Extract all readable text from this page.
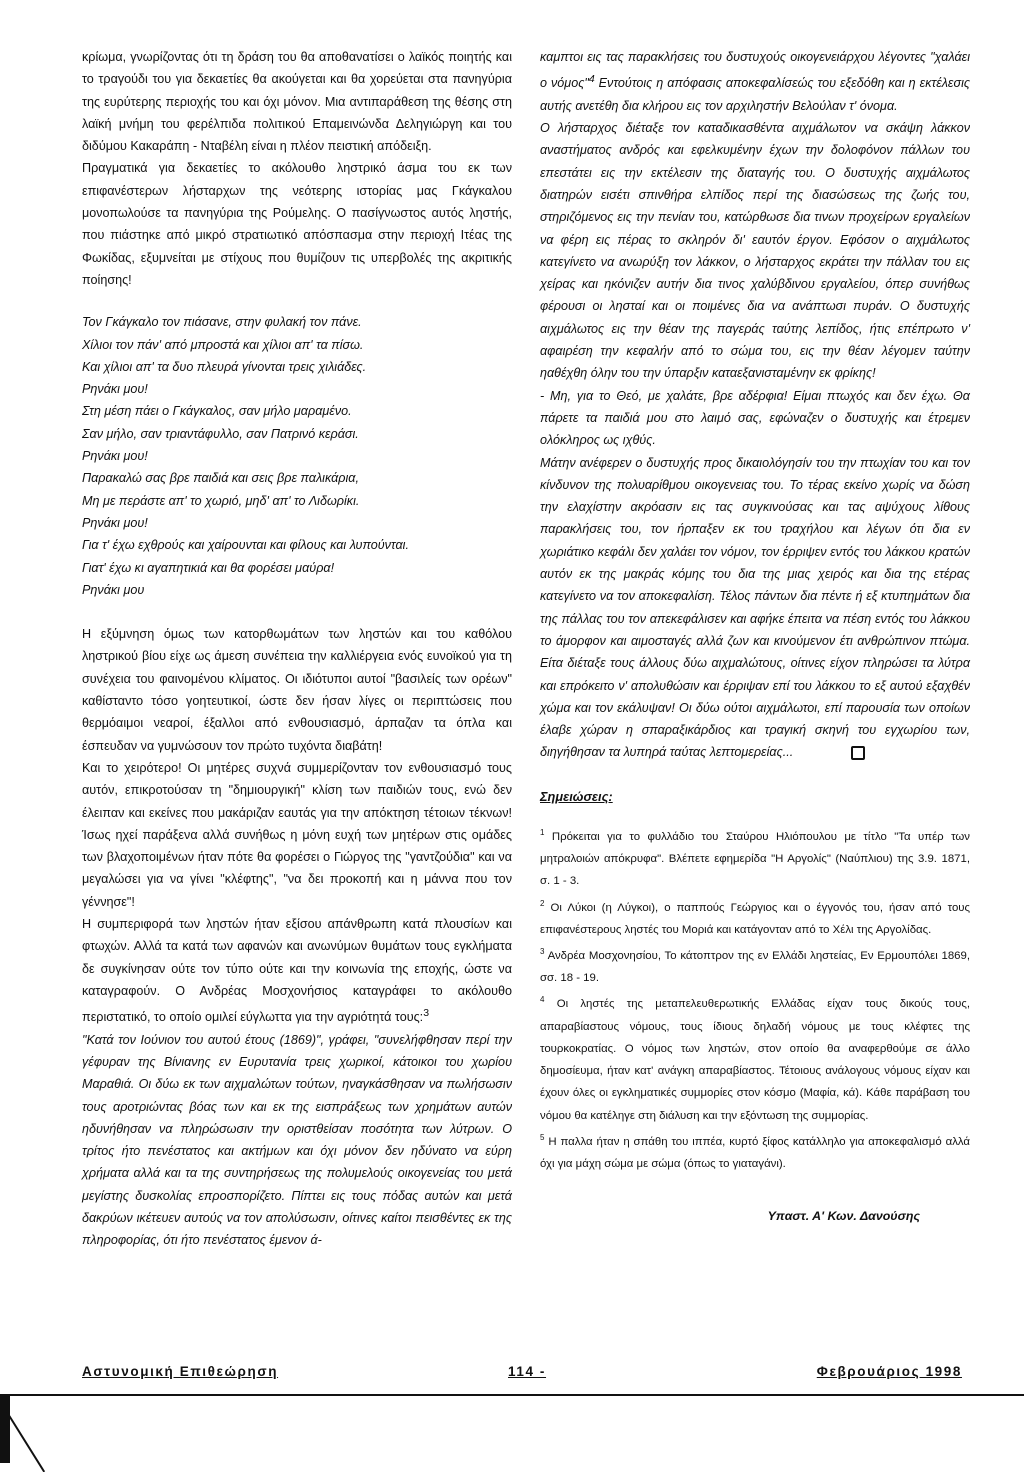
κρίωμα, γνωρίζοντας ότι τη δράση του θα αποθανατίσει ο λαϊκός ποιητής και το τραγούδι του για δεκαετίες θα ακούγεται και θα χορεύεται στα πανηγύρια της ευρύτερης περιοχής του και όχι μόνον. Μια αντιπαράθεση της θέσης στη λαϊκή μνήμη του φερέλπιδα πολιτικού Επαμεινώνδα Δεληγιώργη και του διδύμου Κακαράπη - Νταβέλη είναι η πλέον πειστική απόδειξη.

Πραγματικά για δεκαετίες το ακόλουθο ληστρικό άσμα του εκ των επιφανέστερων λήσταρχων της νεότερης ιστορίας μας Γκάγκαλου μονοπωλούσε τα πανηγύρια της Ρούμελης. Ο πασίγνωστος αυτός ληστής, που πιάστηκε από μικρό στρατιωτικό απόσπασμα στην περιοχή Ιτέας της Φωκίδας, εξυμνείται με στίχους που θυμίζουν τις υπερβολές της ακριτικής ποίησης!

Τον Γκάγκαλο τον πιάσανε, στην φυλακή τον πάνε.
Χίλιοι τον πάν' από μπροστά και χίλιοι απ' τα πίσω.
Και χίλιοι απ' τα δυο πλευρά γίνονται τρεις χιλιάδες.
Ρηνάκι μου!
Στη μέση πάει ο Γκάγκαλος, σαν μήλο μαραμένο.
Σαν μήλο, σαν τριαντάφυλλο, σαν Πατρινό κεράσι.
Ρηνάκι μου!
Παρακαλώ σας βρε παιδιά και σεις βρε παλικάρια,
Μη με περάστε απ' το χωριό, μηδ' απ' το Λιδωρίκι.
Ρηνάκι μου!
Για τ' έχω εχθρούς και χαίρουνται και φίλους και λυπούνται.
Γιατ' έχω κι αγαπητικιά και θα φορέσει μαύρα!
Ρηνάκι μου

Η εξύμνηση όμως των κατορθωμάτων των ληστών και του καθόλου ληστρικού βίου είχε ως άμεση συνέπεια την καλλιέργεια ενός ευνοϊκού για τη συνέχεια του φαινομένου κλίματος. Οι ιδιότυποι αυτοί "βασιλείς των ορέων" καθίσταντο τόσο γοητευτικοί, ώστε δεν ήσαν λίγες οι περιπτώσεις που θερμόαιμοι νεαροί, έξαλλοι από ενθουσιασμό, άρπαζαν τα όπλα και έσπευδαν να γυμνώσουν τον πρώτο τυχόντα διαβάτη!

Και το χειρότερο! Οι μητέρες συχνά συμμερίζονταν τον ενθουσιασμό τους αυτόν, επικροτούσαν τη "δημιουργική" κλίση των παιδιών τους, ενώ δεν έλειπαν και εκείνες που μακάριζαν εαυτάς για την απόκτηση τέτοιων τέκνων! Ίσως ηχεί παράξενα αλλά συνήθως η μόνη ευχή των μητέρων στις ομάδες των βλαχοποιμένων ήταν πότε θα φορέσει ο Γιώργος της "γαντζούδια" και να μεγαλώσει για να γίνει "κλέφτης", "να δει προκοπή και η μάννα που τον γέννησε"!

Η συμπεριφορά των ληστών ήταν εξίσου απάνθρωπη κατά πλουσίων και φτωχών. Αλλά τα κατά των αφανών και ανωνύμων θυμάτων τους εγκλήματα δε συγκίνησαν ούτε τον τύπο ούτε και την κοινωνία της εποχής, ώστε να καταγραφούν. Ο Ανδρέας Μοσχονήσιος καταγράφει το ακόλουθο περιστατικό, το οποίο ομιλεί εύγλωττα για την αγριότητά τους:$^3$

"Κατά τον Ιούνιον του αυτού έτους (1869)", γράφει, "συνελήφθησαν περί την γέφυραν της Βίνιανης εν Ευρυτανία τρεις χωρικοί, κάτοικοι του χωρίου Μαραθιά. Οι δύω εκ των αιχμαλώτων τούτων, ηναγκάσθησαν να πωλήσωσιν τους αροτριώντας βόας των και εκ της εισπράξεως των χρημάτων αυτών ηδυνήθησαν να πληρώσωσιν την οριστθείσαν ποσότητα των λύτρων. Ο τρίτος ήτο πενέστατος και ακτήμων και όχι μόνον δεν ηδύνατο να εύρη χρήματα αλλά και τα της συντηρήσεως της πολυμελούς οικογενείας του μετά μεγίστης δυσκολίας επροσπορίζετο. Πίπτει εις τους πόδας αυτών και μετά δακρύων ικέτευεν αυτούς να τον απολύσωσιν, οίτινες καίτοι πεισθέντες εκ της πληροφορίας, ότι ήτο πενέστατος έμενον ά-

καμπτοι εις τας παρακλήσεις του δυστυχούς οικογενειάρχου λέγοντες "χαλάει ο νόμος"$^4$ Εντούτοις η απόφασις αποκεφαλίσεώς του εξεδόθη και η εκτέλεσις αυτής ανετέθη δια κλήρου εις τον αρχιληστήν Βελούλαν τ' όνομα.

Ο λήσταρχος διέταξε τον καταδικασθέντα αιχμάλωτον να σκάψη λάκκον αναστήματος ανδρός και εφελκυμένην έχων την δολοφόνον πάλλων του επεστάτει εις την εκτέλεσιν της διαταγής του. Ο δυστυχής αιχμάλωτος διατηρών εισέτι σπινθήρα ελπίδος περί της διασώσεως της ζωής του, στηριζόμενος εις την πενίαν του, κατώρθωσε δια τινων προχείρων εργαλείων να φέρη εις πέρας το σκληρόν δι' εαυτόν έργον. Εφόσον ο αιχμάλωτος κατεγίνετο να ανωρύξη τον λάκκον, ο λήσταρχος εκράτει την πάλλαν του εις χείρας και ηκόνιζεν αυτήν δια τινος χαλύβδινου εργαλείου, όπερ συνήθως φέρουσι οι λησταί και οι ποιμένες δια να ανάπτωσι πυράν. Ο δυστυχής αιχμάλωτος εις την θέαν της παγεράς ταύτης λεπίδος, ήτις επέπρωτο ν' αφαιρέση την κεφαλήν από το σώμα του, εις την θέαν λέγομεν ταύτην ηαθέχθη όλην του την ύπαρξιν καταεξανισταμένην εκ φρίκης!

- Μη, για το Θεό, με χαλάτε, βρε αδέρφια! Είμαι πτωχός και δεν έχω. Θα πάρετε τα παιδιά μου στο λαιμό σας, εφώναζεν ο δυστυχής και έτρεμεν ολόκληρος ως ιχθύς.

Μάτην ανέφερεν ο δυστυχής προς δικαιολόγησίν του την πτωχίαν του και τον κίνδυνον της πολυαρίθμου οικογενειας του. Το τέρας εκείνο χωρίς να δώση την ελαχίστην ακρόασιν εις τας συγκινούσας και τας αψύχους λίθους παρακλήσεις του, τον ήρπαξεν εκ του τραχήλου και λέγων ότι δια εν χωριάτικο κεφάλι δεν χαλάει τον νόμον, τον έρριψεν εντός του λάκκου κρατών αυτόν εκ της μακράς κόμης του δια της μιας χειρός και δια της ετέρας κατεγίνετο να τον αποκεφαλίση. Τέλος πάντων δια πέντε ή εξ κτυπημάτων δια της πάλλας του τον απεκεφάλισεν και αφήκε έπειτα να πέση εντός του λάκκου το άμορφον και αιμοσταγές αλλά ζων και κινούμενον έτι ανθρώπινον πτώμα. Είτα διέταξε τους άλλους δύω αιχμαλώτους, οίτινες είχον πληρώσει τα λύτρα και επρόκειτο ν' απολυθώσιν και έρριψαν επί του λάκκου το εξ αυτού εξαχθέν χώμα και τον εκάλυψαν! Οι δύω ούτοι αιχμάλωτοι, επί παρουσία των οποίων έλαβε χώραν η σπαραξικάρδιος και τραγική σκηνή του εγχωρίου των, διηγήθησαν τα λυπηρά ταύτας λεπτομερείας...

Σημειώσεις:
$^1$ Πρόκειται για το φυλλάδιο του Σταύρου Ηλιόπουλου με τίτλο "Τα υπέρ των μητραλοιών απόκρυφα". Βλέπετε εφημερίδα "Η Αργολίς" (Ναύπλιου) της 3.9. 1871, σ. 1 - 3.
$^2$ Οι Λύκοι (η Λύγκοι), ο παππούς Γεώργιος και ο έγγονός του, ήσαν από τους επιφανέστερους ληστές του Μοριά και κατάγονταν από το Χέλι της Αργολίδας.
$^3$ Ανδρέα Μοσχονησίου, Το κάτοπτρον της εν Ελλάδι ληστείας, Εν Ερμουπόλει 1869, σσ. 18 - 19.
$^4$ Οι ληστές της μεταπελευθερωτικής Ελλάδας είχαν τους δικούς τους, απαραβίαστους νόμους, τους ίδιους δηλαδή νόμους με τους κλέφτες της τουρκοκρατίας. Ο νόμος των ληστών, στον οποίο θα αναφερθούμε σε άλλο δημοσίευμα, ήταν κατ' ανάγκη απαραβίαστος. Τέτοιους ανάλογους νόμους είχαν και έχουν όλες οι εγκληματικές συμμορίες στον κόσμο (Μαφία, κά). Κάθε παράβαση του νόμου θα κατέληγε στη διάλυση και την εξόντωση της συμμορίας.
$^5$ Η παλλα ήταν η σπάθη του ιππέα, κυρτό ξίφος κατάλληλο για αποκεφαλισμό αλλά όχι για μάχη σώμα με σώμα (όπως το γιαταγάνι).
Υπαστ. Α' Κων. Δανούσης
Αστυνομική Επιθεώρηση	114 -	Φεβρουάριος 1998
